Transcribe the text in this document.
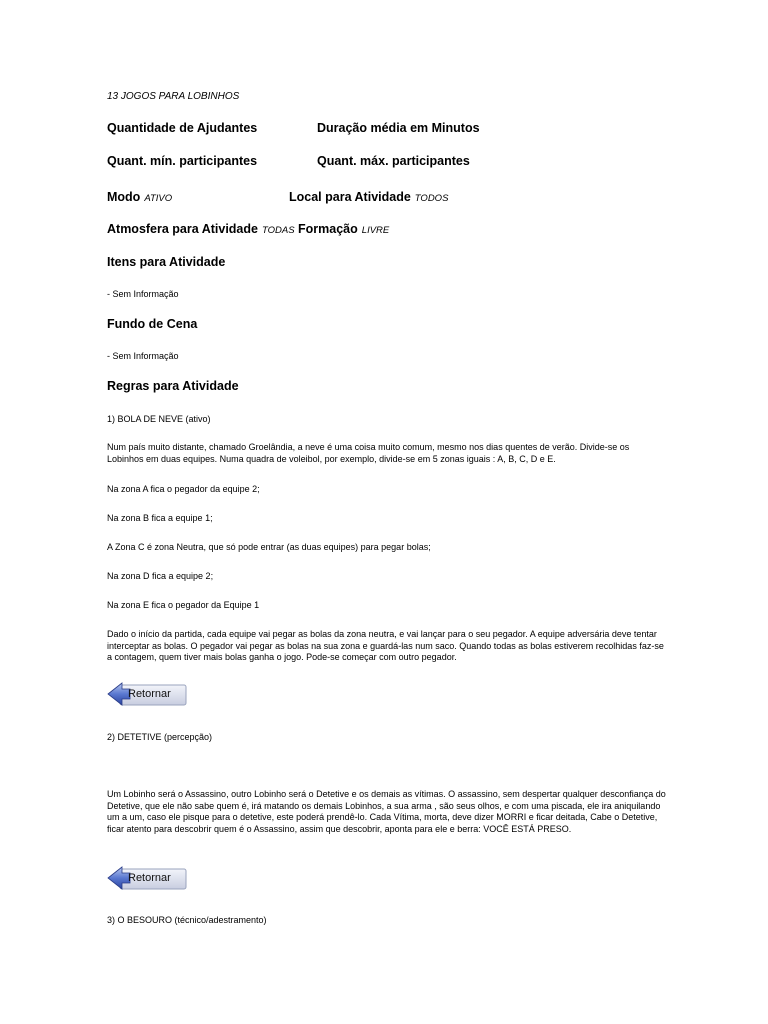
13 JOGOS PARA LOBINHOS
Quantidade de Ajudantes	Duração média em Minutos
Quant. mín. participantes	Quant. máx. participantes
Modo ATIVO	Local para Atividade TODOS
Atmosfera para Atividade TODAS Formação LIVRE
Itens para Atividade
- Sem Informação
Fundo de Cena
- Sem Informação
Regras para Atividade
1) BOLA DE NEVE (ativo)
Num país muito distante, chamado Groelândia, a neve é uma coisa muito comum, mesmo nos dias quentes de verão. Divide-se os Lobinhos em duas equipes. Numa quadra de voleibol, por exemplo, divide-se em 5 zonas iguais : A, B, C, D e E.
Na zona A fica o pegador da equipe 2;
Na zona B fica a equipe 1;
A Zona C é zona Neutra, que só pode entrar (as duas equipes) para pegar bolas;
Na zona D fica a equipe 2;
Na zona E fica o pegador da Equipe 1
Dado o início da partida, cada equipe vai pegar as bolas da zona neutra, e vai lançar para o seu pegador. A equipe adversária deve tentar interceptar as bolas. O pegador vai pegar as bolas na sua zona e guardá-las num saco. Quando todas as bolas estiverem recolhidas faz-se a contagem, quem tiver mais bolas ganha o jogo. Pode-se começar com outro pegador.
Retornar
2) DETETIVE (percepção)
Um Lobinho será o Assassino, outro Lobinho será o Detetive e os demais as vítimas. O assassino, sem despertar qualquer desconfiança do Detetive, que ele não sabe quem é, irá matando os demais Lobinhos, a sua arma , são seus olhos, e com uma piscada, ele ira aniquilando um a um, caso ele pisque para o detetive, este poderá prendê-lo. Cada Vítima, morta, deve dizer MORRI e ficar deitada, Cabe o Detetive, ficar atento para descobrir quem é o Assassino, assim que descobrir, aponta para ele e berra: VOCÊ ESTÁ PRESO.
Retornar
3) O BESOURO (técnico/adestramento)
